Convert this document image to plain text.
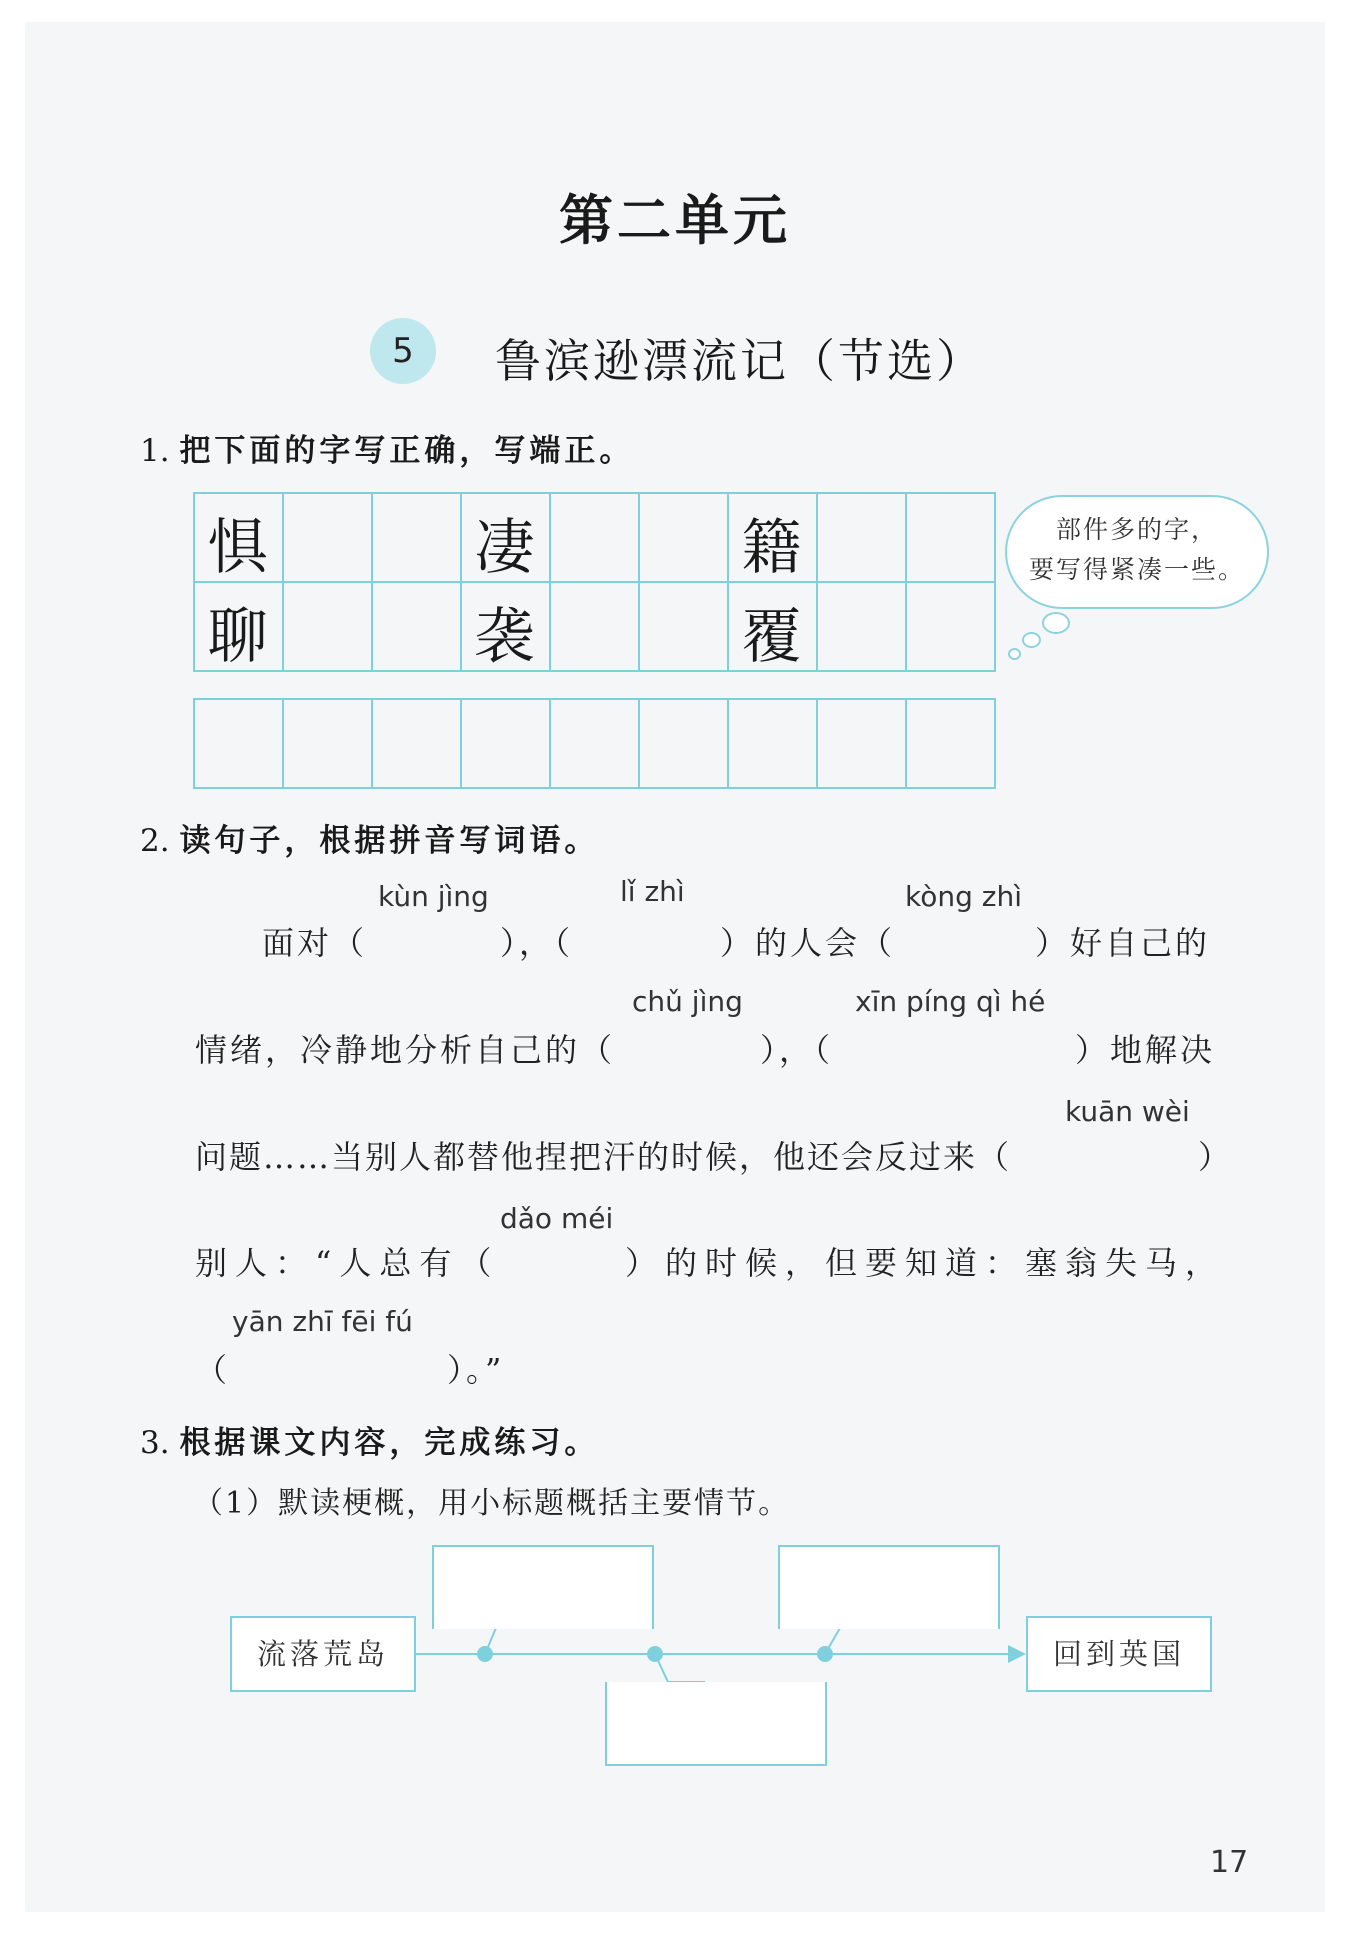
第二单元
5	鲁滨逊漂流记（节选）
1. 把下面的字写正确，写端正。
惧	凄	籍
聊	袭	覆
部件多的字，
要写得紧凑一些。
2. 读句子，根据拼音写词语。
kùn jìng	lǐ zhì	kòng zhì
面对（	），（	）的人会（	）好自己的
chǔ jìng	xīn píng qì hé
情绪，冷静地分析自己的（	），（	）地解决
kuān wèi
问题……当别人都替他捏把汗的时候，他还会反过来（	）
dǎo méi
别人：“人总有（	）的时候，但要知道：塞翁失马，
yān zhī fēi fú
（	）。”
3. 根据课文内容，完成练习。
（1）默读梗概，用小标题概括主要情节。
流落荒岛	回到英国
17
